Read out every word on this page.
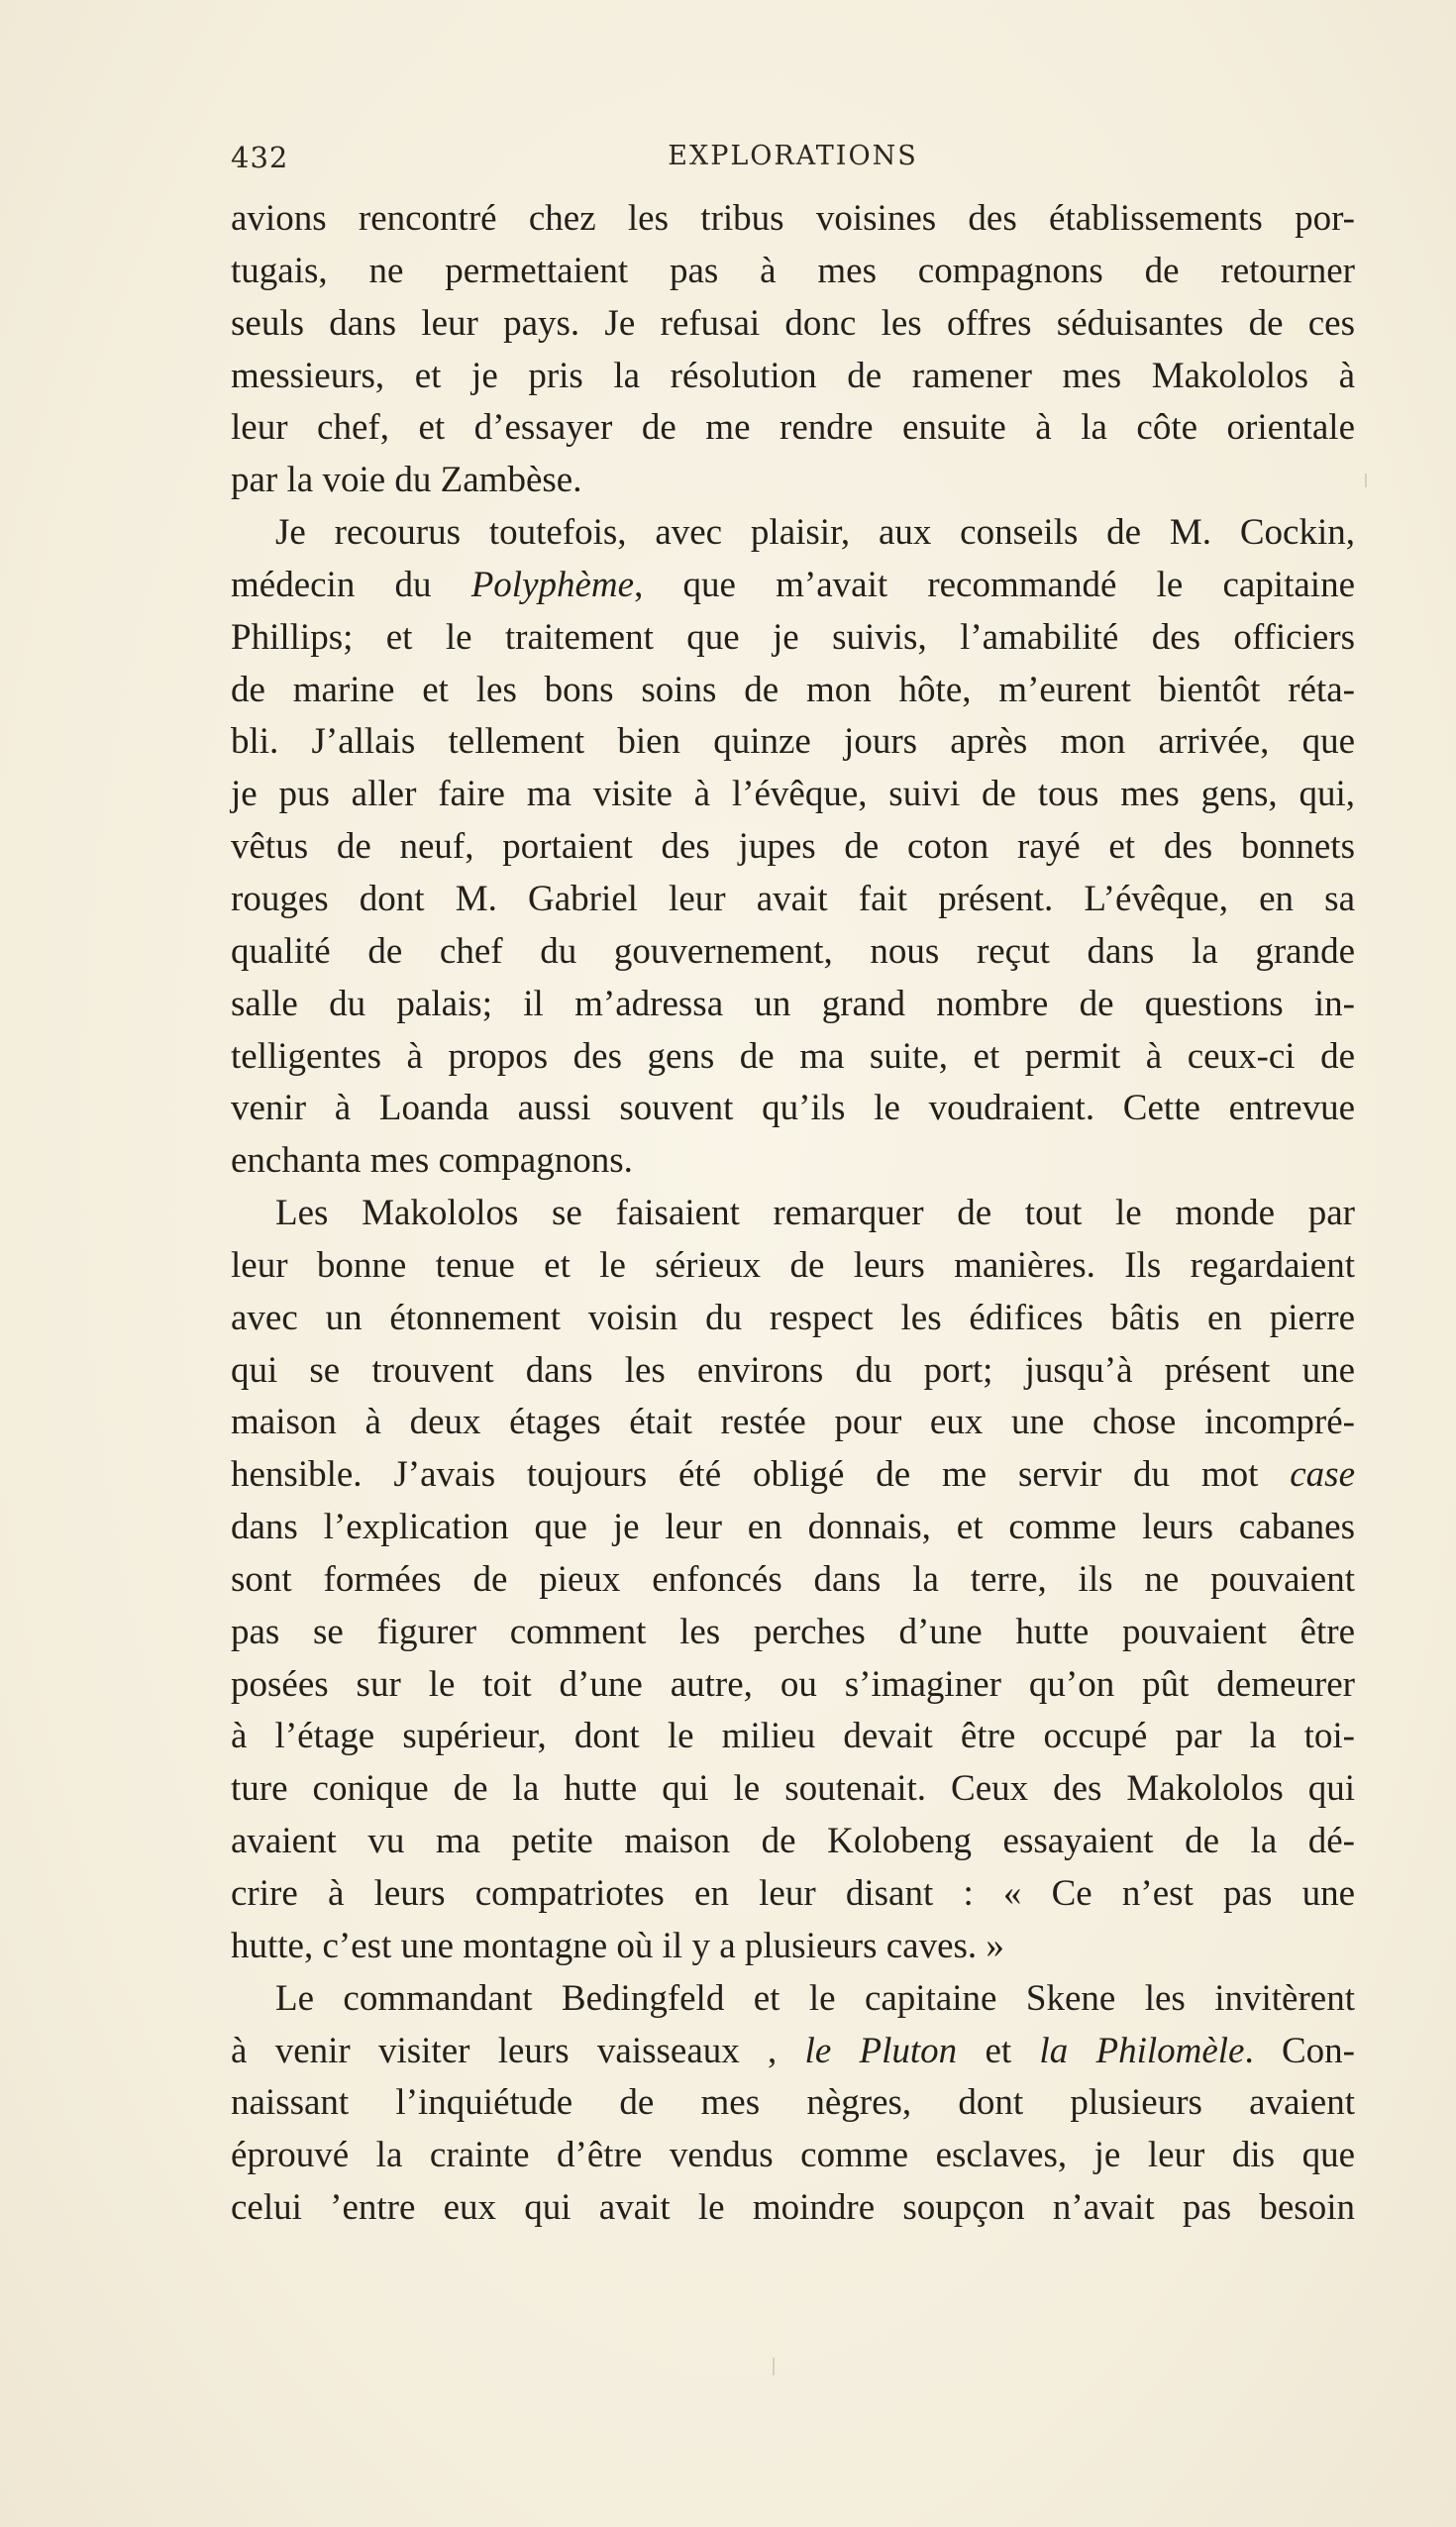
432	EXPLORATIONS

avions rencontré chez les tribus voisines des établissements por-
tugais, ne permettaient pas à mes compagnons de retourner
seuls dans leur pays. Je refusai donc les offres séduisantes de ces
messieurs, et je pris la résolution de ramener mes Makololos à
leur chef, et d’essayer de me rendre ensuite à la côte orientale
par la voie du Zambèse.

Je recourus toutefois, avec plaisir, aux conseils de M. Cockin,
médecin du Polyphème, que m’avait recommandé le capitaine
Phillips; et le traitement que je suivis, l’amabilité des officiers
de marine et les bons soins de mon hôte, m’eurent bientôt réta-
bli. J’allais tellement bien quinze jours après mon arrivée, que
je pus aller faire ma visite à l’évêque, suivi de tous mes gens, qui,
vêtus de neuf, portaient des jupes de coton rayé et des bonnets
rouges dont M. Gabriel leur avait fait présent. L’évêque, en sa
qualité de chef du gouvernement, nous reçut dans la grande
salle du palais; il m’adressa un grand nombre de questions in-
telligentes à propos des gens de ma suite, et permit à ceux-ci de
venir à Loanda aussi souvent qu’ils le voudraient. Cette entrevue
enchanta mes compagnons.

Les Makololos se faisaient remarquer de tout le monde par
leur bonne tenue et le sérieux de leurs manières. Ils regardaient
avec un étonnement voisin du respect les édifices bâtis en pierre
qui se trouvent dans les environs du port; jusqu’à présent une
maison à deux étages était restée pour eux une chose incompré-
hensible. J’avais toujours été obligé de me servir du mot case
dans l’explication que je leur en donnais, et comme leurs cabanes
sont formées de pieux enfoncés dans la terre, ils ne pouvaient
pas se figurer comment les perches d’une hutte pouvaient être
posées sur le toit d’une autre, ou s’imaginer qu’on pût demeurer
à l’étage supérieur, dont le milieu devait être occupé par la toi-
ture conique de la hutte qui le soutenait. Ceux des Makololos qui
avaient vu ma petite maison de Kolobeng essayaient de la dé-
crire à leurs compatriotes en leur disant : « Ce n’est pas une
hutte, c’est une montagne où il y a plusieurs caves. »

Le commandant Bedingfeld et le capitaine Skene les invitèrent
à venir visiter leurs vaisseaux , le Pluton et la Philomèle. Con-
naissant l’inquiétude de mes nègres, dont plusieurs avaient
éprouvé la crainte d’être vendus comme esclaves, je leur dis que
celui ’entre eux qui avait le moindre soupçon n’avait pas besoin
